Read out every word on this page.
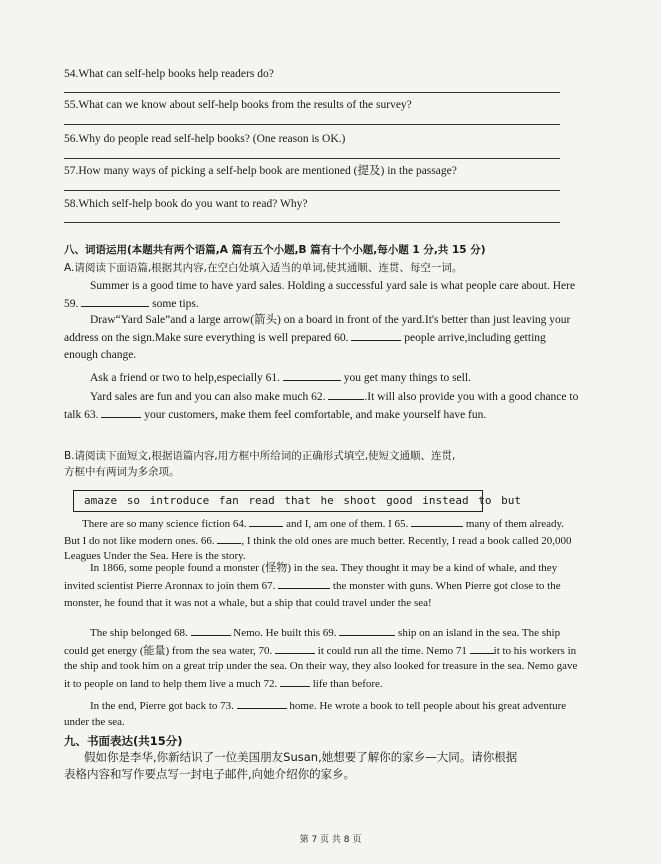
54.What can self-help books help readers do?
55.What can we know about self-help books from the results of the survey?
56.Why do people read self-help books? (One reason is OK.)
57.How many ways of picking a self-help book are mentioned (提及) in the passage?
58.Which self-help book do you want to read? Why?
八、词语运用(本题共有两个语篇,A 篇有五个小题,B 篇有十个小题,每小题 1 分,共 15 分)
A.请阅读下面语篇,根据其内容,在空白处填入适当的单词,使其通顺、连贯、每空一词。
Summer is a good time to have yard sales. Holding a successful yard sale is what people care about. Here 59.	some tips.
Draw“Yard Sale”and a large arrow(箭头) on a board in front of the yard.It's better than just leaving your address on the sign.Make sure everything is well prepared 60.	people arrive,including getting enough change.
Ask a friend or two to help,especially 61.	you get many things to sell.
Yard sales are fun and you can also make much 62.	.It will also provide you with a good chance to talk 63.	your customers, make them feel comfortable, and make yourself have fun.
B.请阅读下面短文,根据语篇内容,用方框中所给词的正确形式填空,使短文通顺、连贯,
方框中有两词为多余项。
amaze so introduce fan read that he shoot good instead to but
There are so many science fiction 64.	and I, am one of them. I 65.	many of them already. But I do not like modern ones. 66. , I think the old ones are much better. Recently, I read a book called 20,000 Leagues Under the Sea. Here is the story.
In 1866, some people found a monster (怪物) in the sea. They thought it may be a kind of whale, and they invited scientist Pierre Aronnax to join them 67.	the monster with guns. When Pierre got close to the monster, he found that it was not a whale, but a ship that could travel under the sea!
The ship belonged 68.	Nemo. He built this 69.	ship on an island in the sea. The ship could get energy (能量) from the sea water, 70.	it could run all the time. Nemo 71 it to his workers in the ship and took him on a great trip under the sea. On their way, they also looked for treasure in the sea. Nemo gave it to people on land to help them live a much 72.	life than before.
In the end, Pierre got back to 73.	home. He wrote a book to tell people about his great adventure under the sea.
九、书面表达(共15分)
假如你是李华,你新结识了一位美国朋友Susan,她想要了解你的家乡—大同。请你根据
表格内容和写作要点写一封电子邮件,向她介绍你的家乡。
第 7 页 共 8 页
